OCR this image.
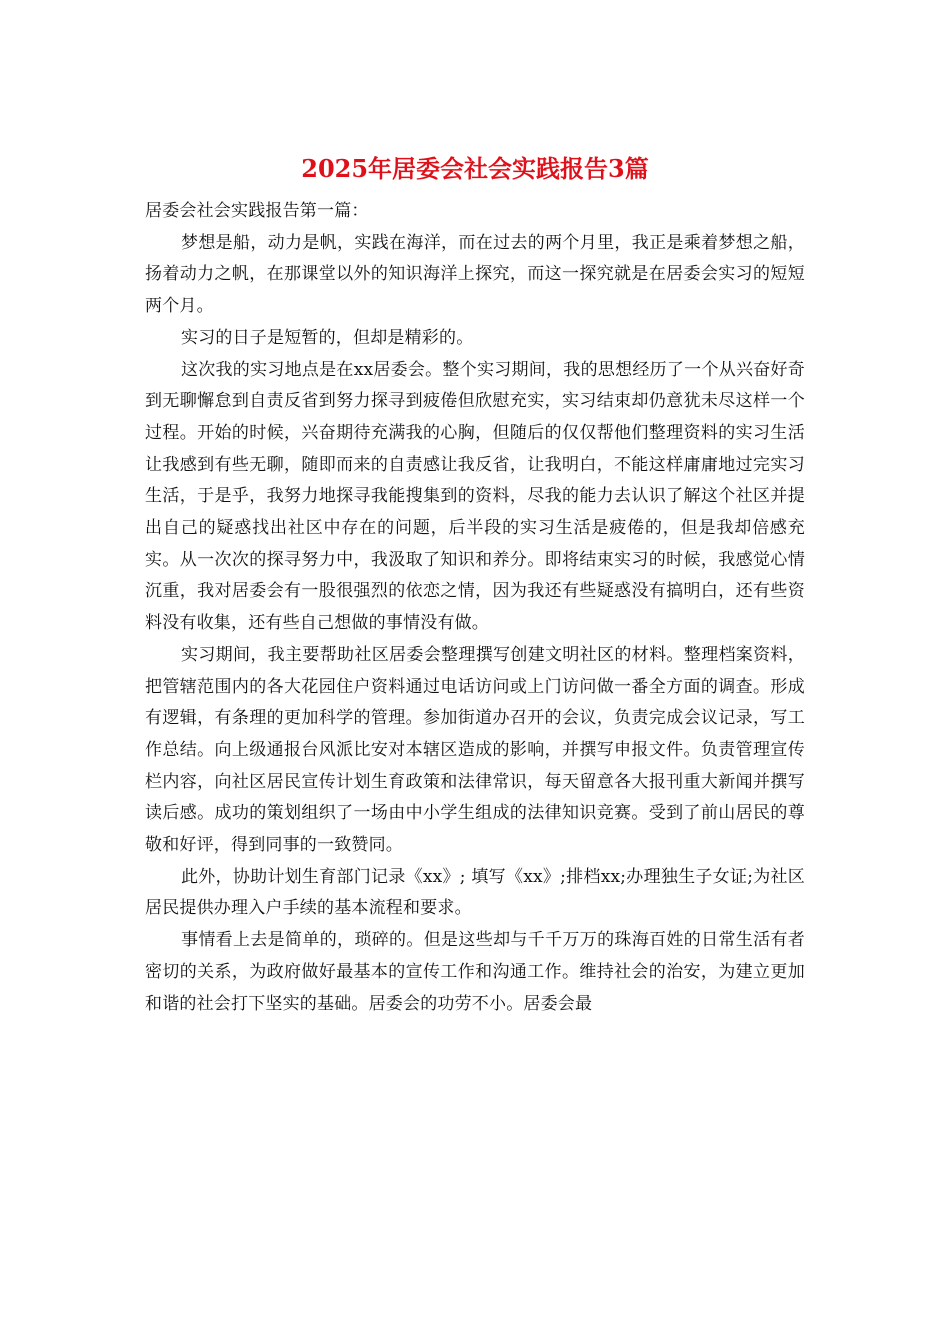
2025年居委会社会实践报告3篇

居委会社会实践报告第一篇：

梦想是船，动力是帆，实践在海洋，而在过去的两个月里，我正是乘着梦想之船，扬着动力之帆，在那课堂以外的知识海洋上探究，而这一探究就是在居委会实习的短短两个月。

实习的日子是短暂的，但却是精彩的。

这次我的实习地点是在xx居委会。整个实习期间，我的思想经历了一个从兴奋好奇到无聊懈怠到自责反省到努力探寻到疲倦但欣慰充实，实习结束却仍意犹未尽这样一个过程。开始的时候，兴奋期待充满我的心胸，但随后的仅仅帮他们整理资料的实习生活让我感到有些无聊，随即而来的自责感让我反省，让我明白，不能这样庸庸地过完实习生活，于是乎，我努力地探寻我能搜集到的资料，尽我的能力去认识了解这个社区并提出自己的疑惑找出社区中存在的问题，后半段的实习生活是疲倦的，但是我却倍感充实。从一次次的探寻努力中，我汲取了知识和养分。即将结束实习的时候，我感觉心情沉重，我对居委会有一股很强烈的依恋之情，因为我还有些疑惑没有搞明白，还有些资料没有收集，还有些自己想做的事情没有做。

实习期间，我主要帮助社区居委会整理撰写创建文明社区的材料。整理档案资料，把管辖范围内的各大花园住户资料通过电话访问或上门访问做一番全方面的调查。形成有逻辑，有条理的更加科学的管理。参加街道办召开的会议，负责完成会议记录，写工作总结。向上级通报台风派比安对本辖区造成的影响，并撰写申报文件。负责管理宣传栏内容，向社区居民宣传计划生育政策和法律常识，每天留意各大报刊重大新闻并撰写读后感。成功的策划组织了一场由中小学生组成的法律知识竞赛。受到了前山居民的尊敬和好评，得到同事的一致赞同。

此外，协助计划生育部门记录《xx》; 填写《xx》;排档xx;办理独生子女证;为社区居民提供办理入户手续的基本流程和要求。

事情看上去是简单的，琐碎的。但是这些却与千千万万的珠海百姓的日常生活有者密切的关系，为政府做好最基本的宣传工作和沟通工作。维持社会的治安，为建立更加和谐的社会打下坚实的基础。居委会的功劳不小。居委会最
